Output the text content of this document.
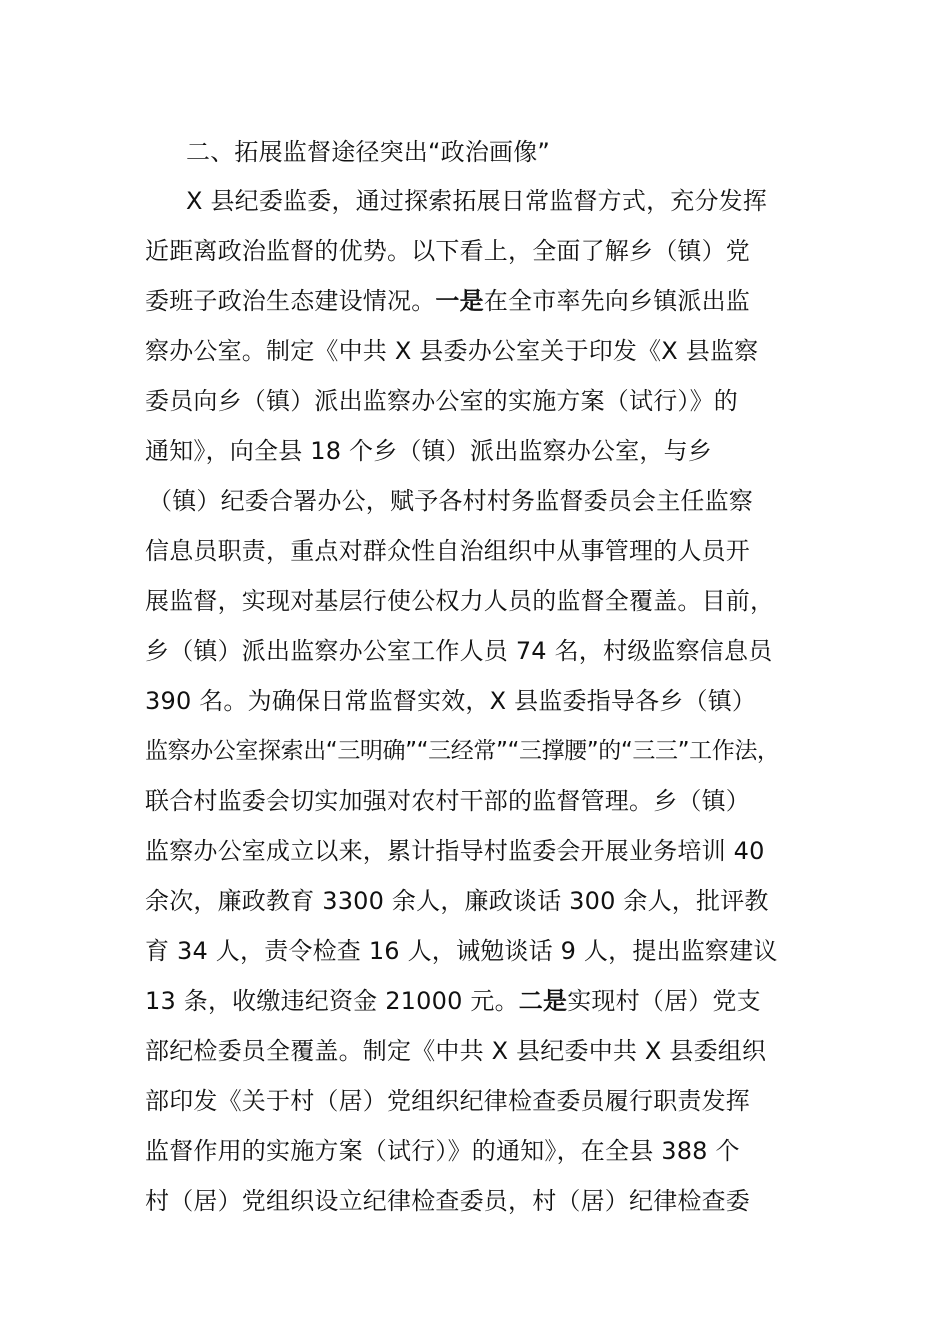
二、拓展监督途径突出“政治画像”
X 县纪委监委，通过探索拓展日常监督方式，充分发挥
近距离政治监督的优势。以下看上，全面了解乡（镇）党
委班子政治生态建设情况。一是在全市率先向乡镇派出监
察办公室。制定《中共 X 县委办公室关于印发《X 县监察
委员向乡（镇）派出监察办公室的实施方案（试行）》的
通知》，向全县 18 个乡（镇）派出监察办公室，与乡
（镇）纪委合署办公，赋予各村村务监督委员会主任监察
信息员职责，重点对群众性自治组织中从事管理的人员开
展监督，实现对基层行使公权力人员的监督全覆盖。目前，
乡（镇）派出监察办公室工作人员 74 名，村级监察信息员
390 名。为确保日常监督实效，X 县监委指导各乡（镇）
监察办公室探索出“三明确”“三经常”“三撑腰”的“三三”工作法，
联合村监委会切实加强对农村干部的监督管理。乡（镇）
监察办公室成立以来，累计指导村监委会开展业务培训 40
余次，廉政教育 3300 余人，廉政谈话 300 余人，批评教
育 34 人，责令检查 16 人，诫勉谈话 9 人，提出监察建议
13 条，收缴违纪资金 21000 元。二是实现村（居）党支
部纪检委员全覆盖。制定《中共 X 县纪委中共 X 县委组织
部印发《关于村（居）党组织纪律检查委员履行职责发挥
监督作用的实施方案（试行）》的通知》，在全县 388 个
村（居）党组织设立纪律检查委员，村（居）纪律检查委
